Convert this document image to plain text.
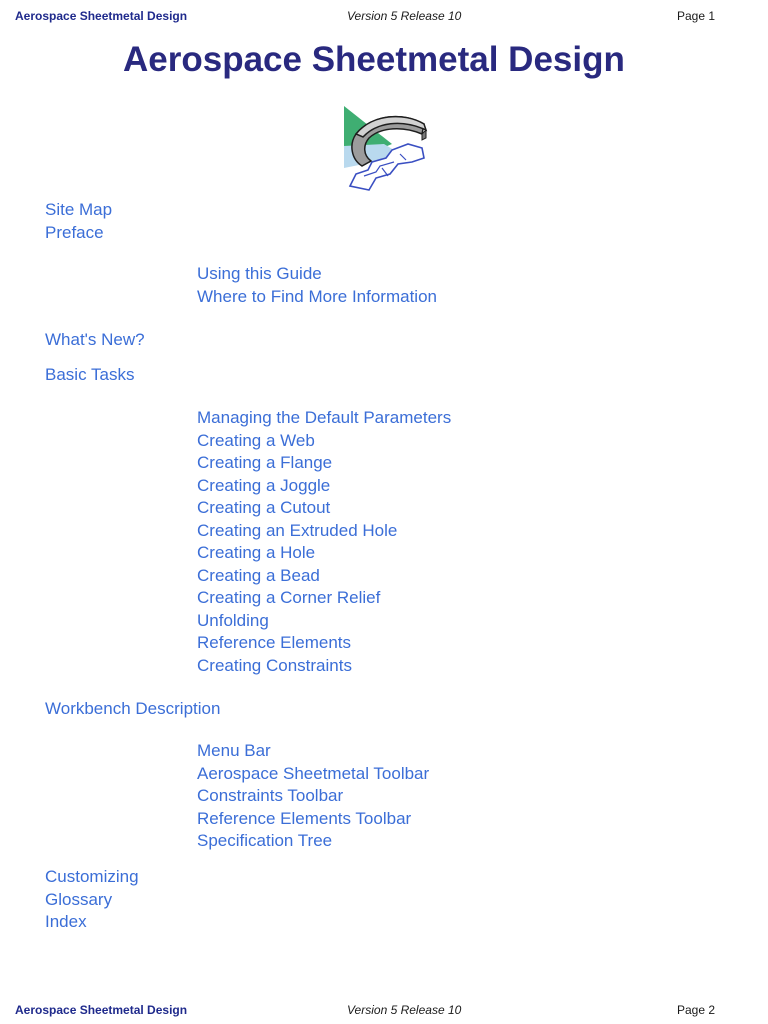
Aerospace Sheetmetal Design	Version 5 Release 10	Page 1
Aerospace Sheetmetal Design
Site Map
Preface
Using this Guide
Where to Find More Information
What's New?
Basic Tasks
Managing the Default Parameters
Creating a Web
Creating a Flange
Creating a Joggle
Creating a Cutout
Creating an Extruded Hole
Creating a Hole
Creating a Bead
Creating a Corner Relief
Unfolding
Reference Elements
Creating Constraints
Workbench Description
Menu Bar
Aerospace Sheetmetal Toolbar
Constraints Toolbar
Reference Elements Toolbar
Specification Tree
Customizing
Glossary
Index
Aerospace Sheetmetal Design	Version 5 Release 10	Page 2
